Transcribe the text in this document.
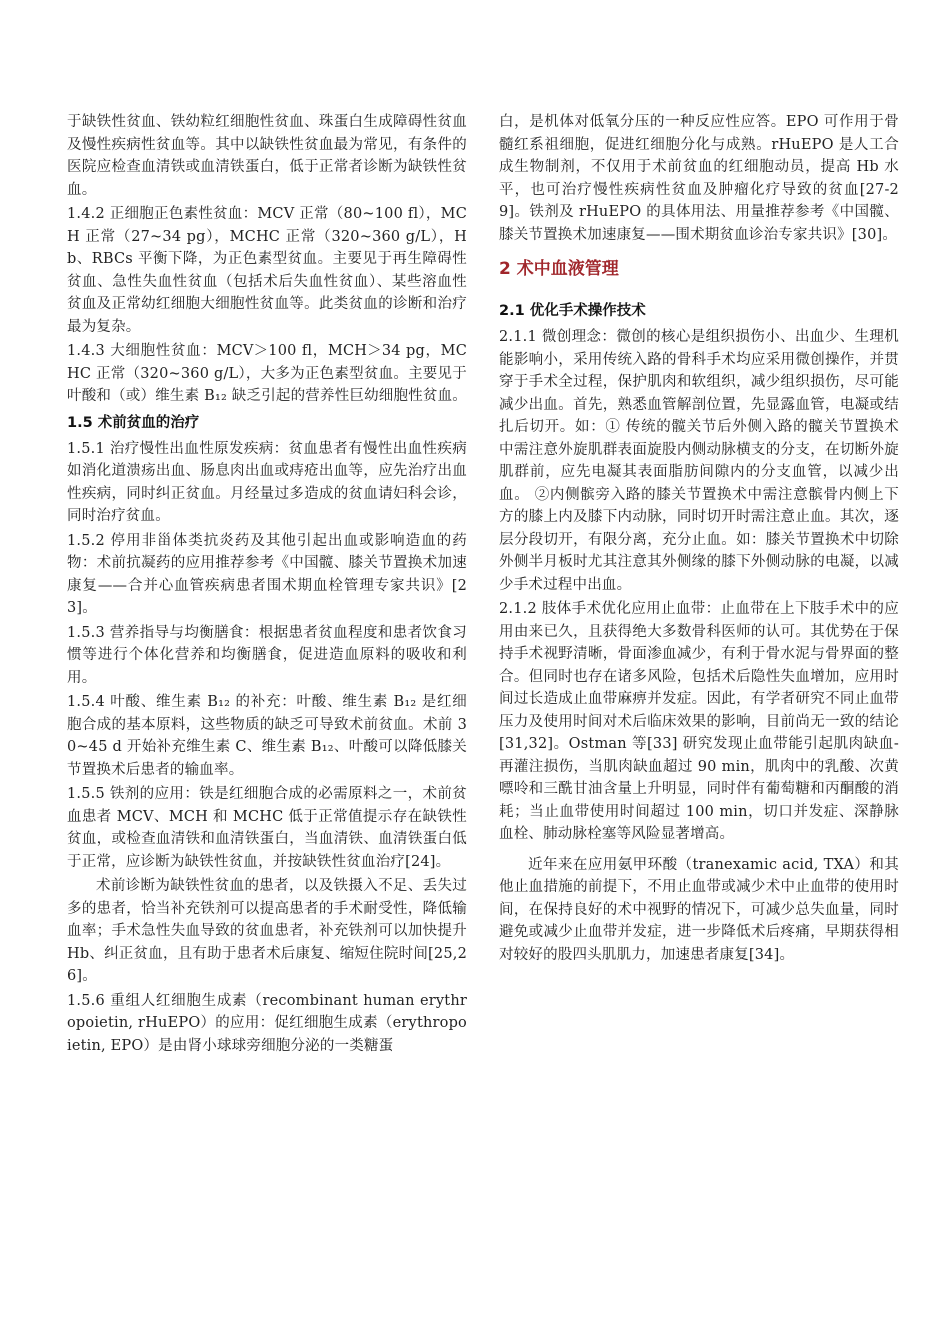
于缺铁性贫血、铁幼粒红细胞性贫血、珠蛋白生成障碍性贫血及慢性疾病性贫血等。其中以缺铁性贫血最为常见，有条件的医院应检查血清铁或血清铁蛋白，低于正常者诊断为缺铁性贫血。

1.4.2 正细胞正色素性贫血：MCV 正常（80~100 fl），MCH 正常（27~34 pg），MCHC 正常（320~360 g/L），Hb、RBCs 平衡下降，为正色素型贫血。主要见于再生障碍性贫血、急性失血性贫血（包括术后失血性贫血）、某些溶血性贫血及正常幼红细胞大细胞性贫血等。此类贫血的诊断和治疗最为复杂。

1.4.3 大细胞性贫血：MCV＞100 fl，MCH＞34 pg，MCHC 正常（320~360 g/L），大多为正色素型贫血。主要见于叶酸和（或）维生素 B₁₂ 缺乏引起的营养性巨幼细胞性贫血。

1.5 术前贫血的治疗

1.5.1 治疗慢性出血性原发疾病：贫血患者有慢性出血性疾病如消化道溃疡出血、肠息肉出血或痔疮出血等，应先治疗出血性疾病，同时纠正贫血。月经量过多造成的贫血请妇科会诊，同时治疗贫血。

1.5.2 停用非甾体类抗炎药及其他引起出血或影响造血的药物：术前抗凝药的应用推荐参考《中国髋、膝关节置换术加速康复——合并心血管疾病患者围术期血栓管理专家共识》[23]。

1.5.3 营养指导与均衡膳食：根据患者贫血程度和患者饮食习惯等进行个体化营养和均衡膳食，促进造血原料的吸收和利用。

1.5.4 叶酸、维生素 B₁₂ 的补充：叶酸、维生素 B₁₂ 是红细胞合成的基本原料，这些物质的缺乏可导致术前贫血。术前 30~45 d 开始补充维生素 C、维生素 B₁₂、叶酸可以降低膝关节置换术后患者的输血率。

1.5.5 铁剂的应用：铁是红细胞合成的必需原料之一，术前贫血患者 MCV、MCH 和 MCHC 低于正常值提示存在缺铁性贫血，或检查血清铁和血清铁蛋白，当血清铁、血清铁蛋白低于正常，应诊断为缺铁性贫血，并按缺铁性贫血治疗[24]。

术前诊断为缺铁性贫血的患者，以及铁摄入不足、丢失过多的患者，恰当补充铁剂可以提高患者的手术耐受性，降低输血率；手术急性失血导致的贫血患者，补充铁剂可以加快提升 Hb、纠正贫血，且有助于患者术后康复、缩短住院时间[25,26]。

1.5.6 重组人红细胞生成素（recombinant human erythropoietin, rHuEPO）的应用：促红细胞生成素（erythropoietin, EPO）是由肾小球球旁细胞分泌的一类糖蛋

白，是机体对低氧分压的一种反应性应答。EPO 可作用于骨髓红系祖细胞，促进红细胞分化与成熟。rHuEPO 是人工合成生物制剂，不仅用于术前贫血的红细胞动员，提高 Hb 水平，也可治疗慢性疾病性贫血及肿瘤化疗导致的贫血[27-29]。铁剂及 rHuEPO 的具体用法、用量推荐参考《中国髋、膝关节置换术加速康复——围术期贫血诊治专家共识》[30]。

2 术中血液管理
2.1 优化手术操作技术

2.1.1 微创理念：微创的核心是组织损伤小、出血少、生理机能影响小，采用传统入路的骨科手术均应采用微创操作，并贯穿于手术全过程，保护肌肉和软组织，减少组织损伤，尽可能减少出血。首先，熟悉血管解剖位置，先显露血管，电凝或结扎后切开。如：① 传统的髋关节后外侧入路的髋关节置换术中需注意外旋肌群表面旋股内侧动脉横支的分支，在切断外旋肌群前，应先电凝其表面脂肪间隙内的分支血管，以减少出血。 ②内侧髌旁入路的膝关节置换术中需注意髌骨内侧上下方的膝上内及膝下内动脉，同时切开时需注意止血。其次，逐层分段切开，有限分离，充分止血。如：膝关节置换术中切除外侧半月板时尤其注意其外侧缘的膝下外侧动脉的电凝，以减少手术过程中出血。

2.1.2 肢体手术优化应用止血带：止血带在上下肢手术中的应用由来已久，且获得绝大多数骨科医师的认可。其优势在于保持手术视野清晰，骨面渗血减少，有利于骨水泥与骨界面的整合。但同时也存在诸多风险，包括术后隐性失血增加，应用时间过长造成止血带麻痹并发症。因此，有学者研究不同止血带压力及使用时间对术后临床效果的影响，目前尚无一致的结论[31,32]。Ostman 等[33] 研究发现止血带能引起肌肉缺血-再灌注损伤，当肌肉缺血超过 90 min，肌肉中的乳酸、次黄嘌呤和三酰甘油含量上升明显，同时伴有葡萄糖和丙酮酸的消耗；当止血带使用时间超过 100 min，切口并发症、深静脉血栓、肺动脉栓塞等风险显著增高。

近年来在应用氨甲环酸（tranexamic acid, TXA）和其他止血措施的前提下，不用止血带或减少术中止血带的使用时间，在保持良好的术中视野的情况下，可减少总失血量，同时避免或减少止血带并发症，进一步降低术后疼痛，早期获得相对较好的股四头肌肌力，加速患者康复[34]。
